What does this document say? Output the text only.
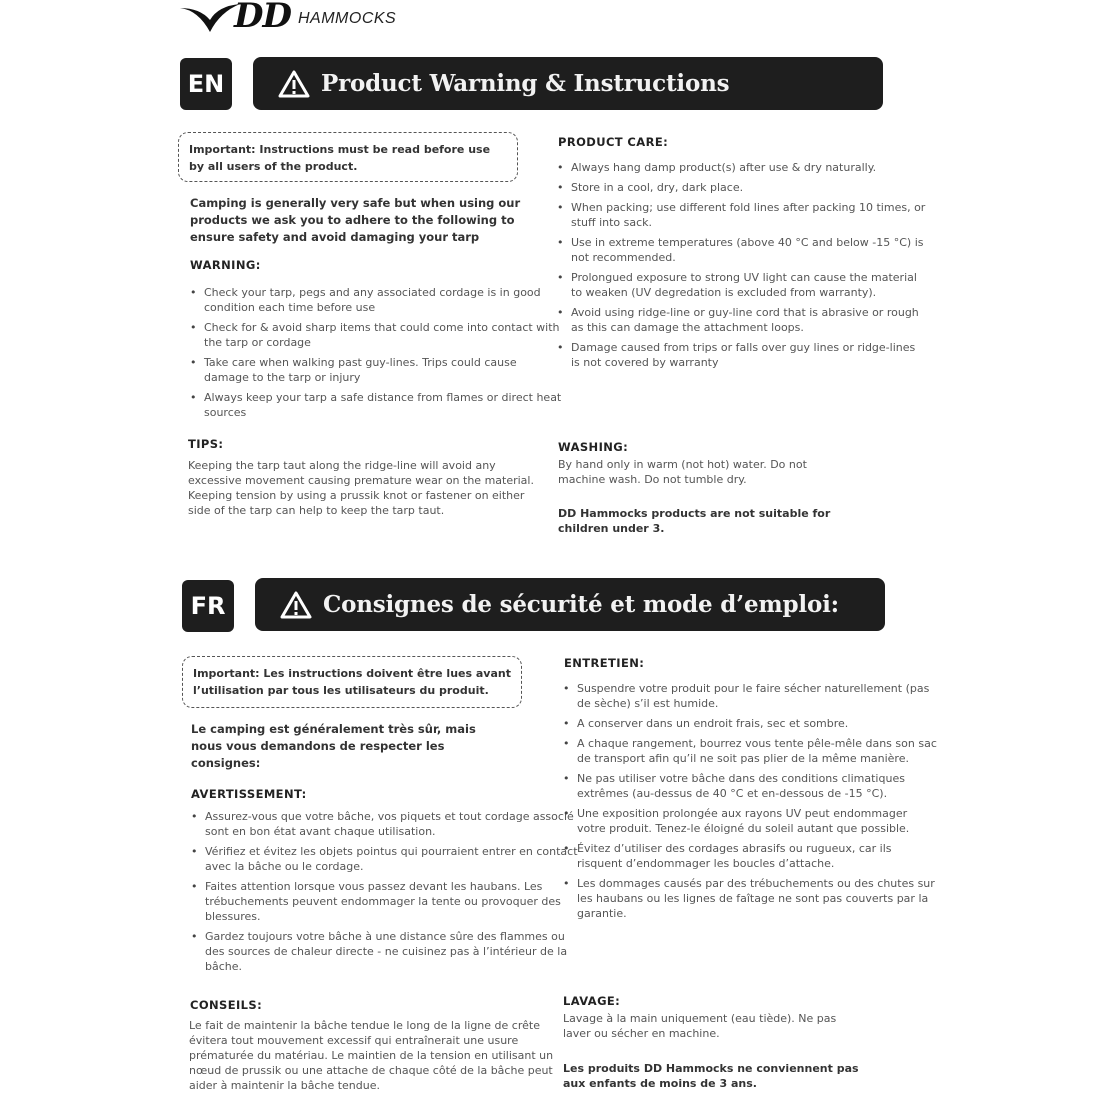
DD HAMMOCKS
EN	Product Warning & Instructions
Important: Instructions must be read before use by all users of the product.
Camping is generally very safe but when using our products we ask you to adhere to the following to ensure safety and avoid damaging your tarp
WARNING:
• Check your tarp, pegs and any associated cordage is in good condition each time before use
• Check for & avoid sharp items that could come into contact with the tarp or cordage
• Take care when walking past guy-lines. Trips could cause damage to the tarp or injury
• Always keep your tarp a safe distance from flames or direct heat sources
TIPS:
Keeping the tarp taut along the ridge-line will avoid any excessive movement causing premature wear on the material. Keeping tension by using a prussik knot or fastener on either side of the tarp can help to keep the tarp taut.
PRODUCT CARE:
• Always hang damp product(s) after use & dry naturally.
• Store in a cool, dry, dark place.
• When packing; use different fold lines after packing 10 times, or stuff into sack.
• Use in extreme temperatures (above 40 °C and below -15 °C) is not recommended.
• Prolongued exposure to strong UV light can cause the material to weaken (UV degredation is excluded from warranty).
• Avoid using ridge-line or guy-line cord that is abrasive or rough as this can damage the attachment loops.
• Damage caused from trips or falls over guy lines or ridge-lines is not covered by warranty
WASHING:
By hand only in warm (not hot) water. Do not machine wash. Do not tumble dry.
DD Hammocks products are not suitable for children under 3.
FR	Consignes de sécurité et mode d’emploi:
Important: Les instructions doivent être lues avant l’utilisation par tous les utilisateurs du produit.
Le camping est généralement très sûr, mais nous vous demandons de respecter les consignes:
AVERTISSEMENT:
• Assurez-vous que votre bâche, vos piquets et tout cordage associé sont en bon état avant chaque utilisation.
• Vérifiez et évitez les objets pointus qui pourraient entrer en contact avec la bâche ou le cordage.
• Faites attention lorsque vous passez devant les haubans. Les trébuchements peuvent endommager la tente ou provoquer des blessures.
• Gardez toujours votre bâche à une distance sûre des flammes ou des sources de chaleur directe - ne cuisinez pas à l’intérieur de la bâche.
CONSEILS:
Le fait de maintenir la bâche tendue le long de la ligne de crête évitera tout mouvement excessif qui entraînerait une usure prématurée du matériau. Le maintien de la tension en utilisant un nœud de prussik ou une attache de chaque côté de la bâche peut aider à maintenir la bâche tendue.
ENTRETIEN:
• Suspendre votre produit pour le faire sécher naturellement (pas de sèche) s’il est humide.
• A conserver dans un endroit frais, sec et sombre.
• A chaque rangement, bourrez vous tente pêle-mêle dans son sac de transport afin qu’il ne soit pas plier de la même manière.
• Ne pas utiliser votre bâche dans des conditions climatiques extrêmes (au-dessus de 40 °C et en-dessous de -15 °C).
• Une exposition prolongée aux rayons UV peut endommager votre produit. Tenez-le éloigné du soleil autant que possible.
• Évitez d’utiliser des cordages abrasifs ou rugueux, car ils risquent d’endommager les boucles d’attache.
• Les dommages causés par des trébuchements ou des chutes sur les haubans ou les lignes de faîtage ne sont pas couverts par la garantie.
LAVAGE:
Lavage à la main uniquement (eau tiède). Ne pas laver ou sécher en machine.
Les produits DD Hammocks ne conviennent pas aux enfants de moins de 3 ans.
